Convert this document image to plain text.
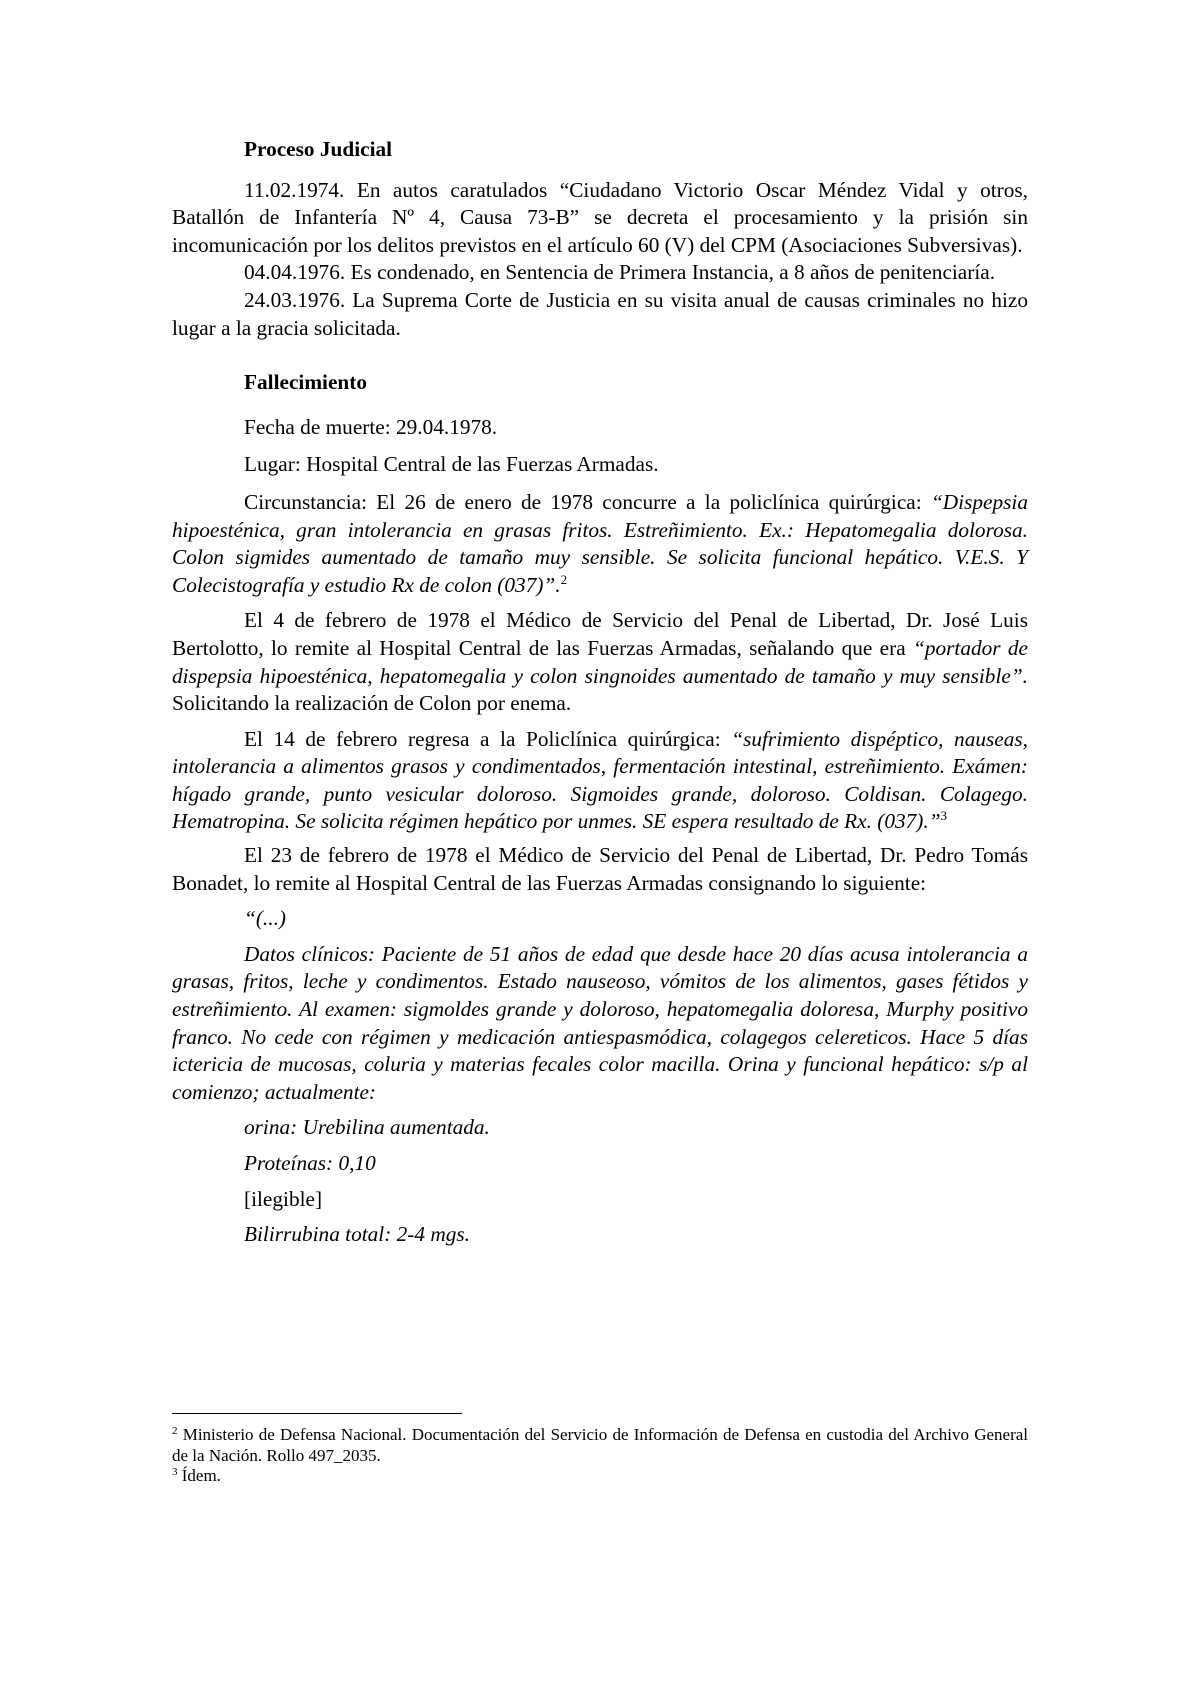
Proceso Judicial

11.02.1974. En autos caratulados “Ciudadano Victorio Oscar Méndez Vidal y otros, Batallón de Infantería Nº 4, Causa 73-B” se decreta el procesamiento y la prisión sin incomunicación por los delitos previstos en el artículo 60 (V) del CPM (Asociaciones Subversivas).

04.04.1976. Es condenado, en Sentencia de Primera Instancia, a 8 años de penitenciaría.

24.03.1976. La Suprema Corte de Justicia en su visita anual de causas criminales no hizo lugar a la gracia solicitada.

Fallecimiento

Fecha de muerte: 29.04.1978.

Lugar: Hospital Central de las Fuerzas Armadas.

Circunstancia: El 26 de enero de 1978 concurre a la policlínica quirúrgica: “Dispepsia hipoesténica, gran intolerancia en grasas fritos. Estreñimiento. Ex.: Hepatomegalia dolorosa. Colon sigmides aumentado de tamaño muy sensible. Se solicita funcional hepático. V.E.S. Y Colecistografía y estudio Rx de colon (037)”.$^2$

El 4 de febrero de 1978 el Médico de Servicio del Penal de Libertad, Dr. José Luis Bertolotto, lo remite al Hospital Central de las Fuerzas Armadas, señalando que era “portador de dispepsia hipoesténica, hepatomegalia y colon singnoides aumentado de tamaño y muy sensible”. Solicitando la realización de Colon por enema.

El 14 de febrero regresa a la Policlínica quirúrgica: “sufrimiento dispéptico, nauseas, intolerancia a alimentos grasos y condimentados, fermentación intestinal, estreñimiento. Exámen: hígado grande, punto vesicular doloroso. Sigmoides grande, doloroso. Coldisan. Colagego. Hematropina. Se solicita régimen hepático por unmes. SE espera resultado de Rx. (037).”$^3$

El 23 de febrero de 1978 el Médico de Servicio del Penal de Libertad, Dr. Pedro Tomás Bonadet, lo remite al Hospital Central de las Fuerzas Armadas consignando lo siguiente:

“(...)

Datos clínicos: Paciente de 51 años de edad que desde hace 20 días acusa intolerancia a grasas, fritos, leche y condimentos. Estado nauseoso, vómitos de los alimentos, gases fétidos y estreñimiento. Al examen: sigmoldes grande y doloroso, hepatomegalia doloresa, Murphy positivo franco. No cede con régimen y medicación antiespasmódica, colagegos celereticos. Hace 5 días ictericia de mucosas, coluria y materias fecales color macilla. Orina y funcional hepático: s/p al comienzo; actualmente:

orina: Urebilina aumentada.

Proteínas: 0,10

[ilegible]

Bilirrubina total: 2-4 mgs.

$^2$ Ministerio de Defensa Nacional. Documentación del Servicio de Información de Defensa en custodia del Archivo General de la Nación. Rollo 497_2035.

$^3$ Ídem.
